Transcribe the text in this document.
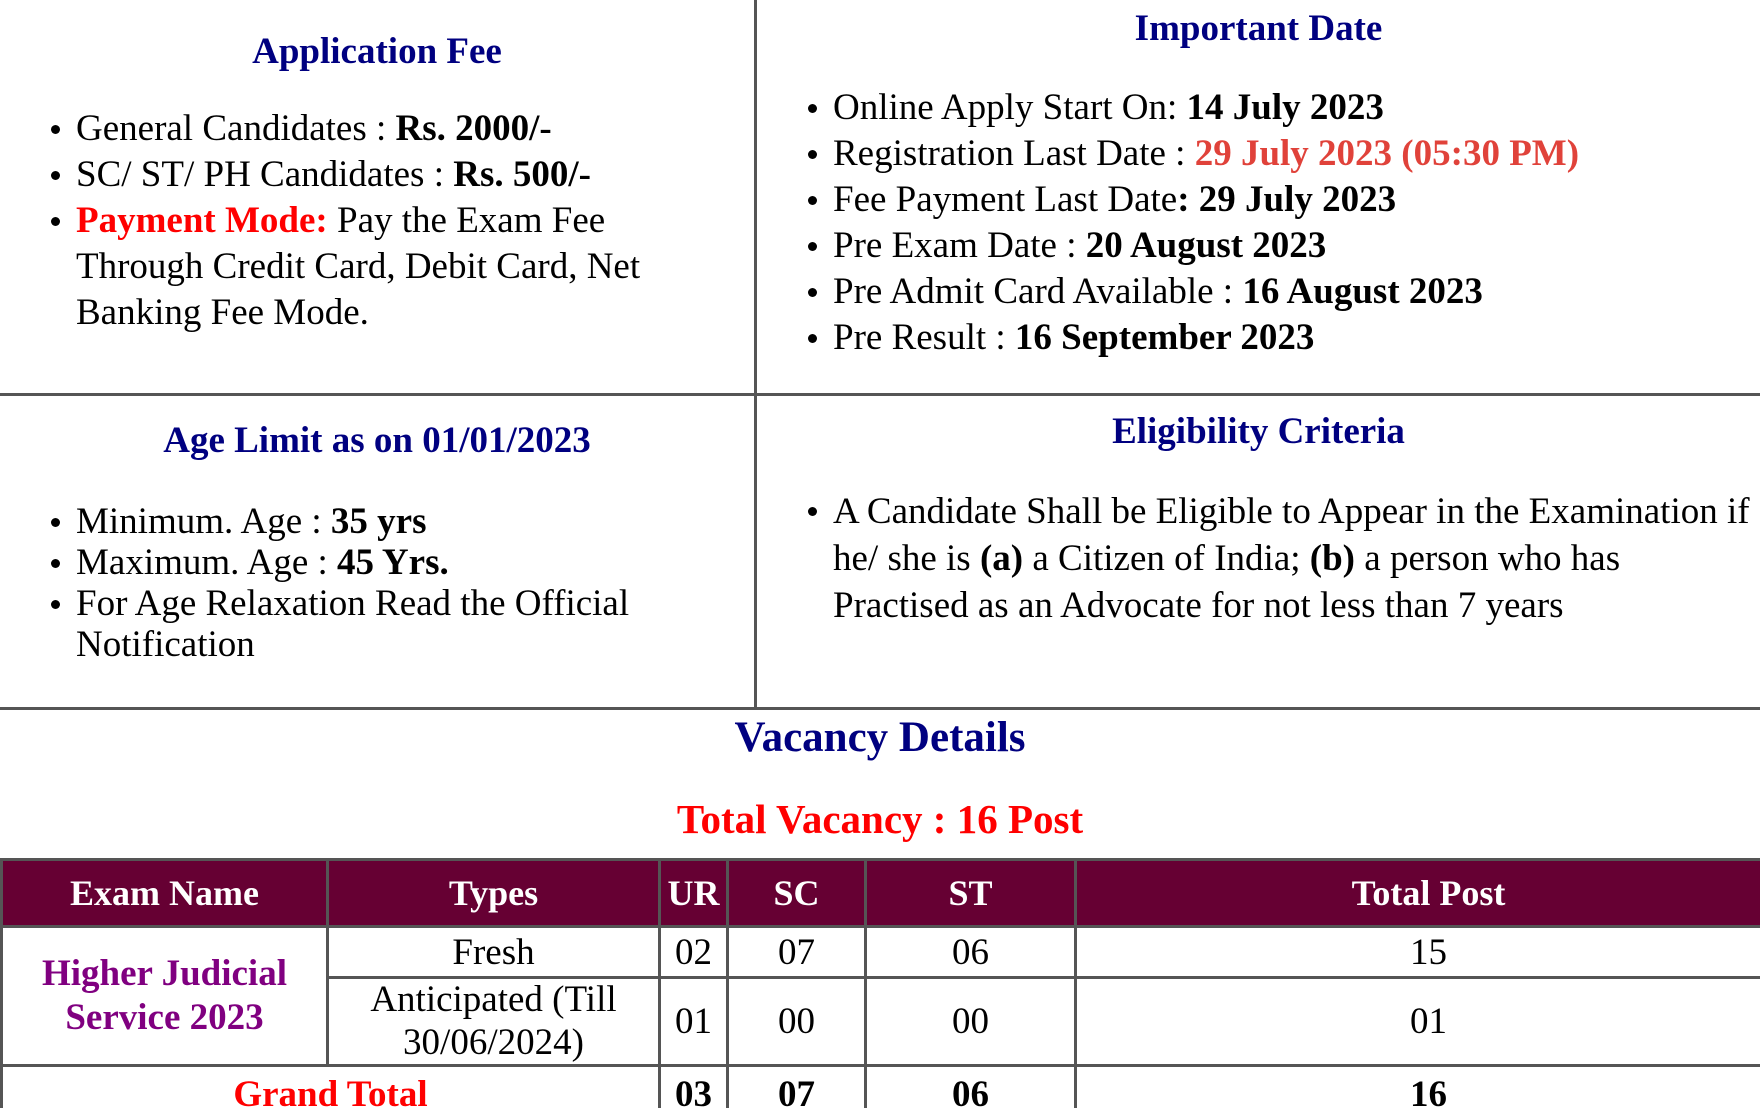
Application Fee
General Candidates : Rs. 2000/-
SC/ ST/ PH Candidates : Rs. 500/-
Payment Mode: Pay the Exam Fee Through Credit Card, Debit Card, Net Banking Fee Mode.
Important Date
Online Apply Start On: 14 July 2023
Registration Last Date : 29 July 2023 (05:30 PM)
Fee Payment Last Date: 29 July 2023
Pre Exam Date : 20 August 2023
Pre Admit Card Available : 16 August 2023
Pre Result : 16 September 2023
Age Limit as on 01/01/2023
Minimum. Age : 35 yrs
Maximum. Age : 45 Yrs.
For Age Relaxation Read the Official Notification
Eligibility Criteria
A Candidate Shall be Eligible to Appear in the Examination if he/ she is (a) a Citizen of India; (b) a person who has Practised as an Advocate for not less than 7 years
Vacancy Details
Total Vacancy : 16 Post
Exam Name	Types	UR	SC	ST	Total Post
Higher Judicial Service 2023	Fresh	02	07	06	15
	Anticipated (Till 30/06/2024)	01	00	00	01
Grand Total		03	07	06	16
